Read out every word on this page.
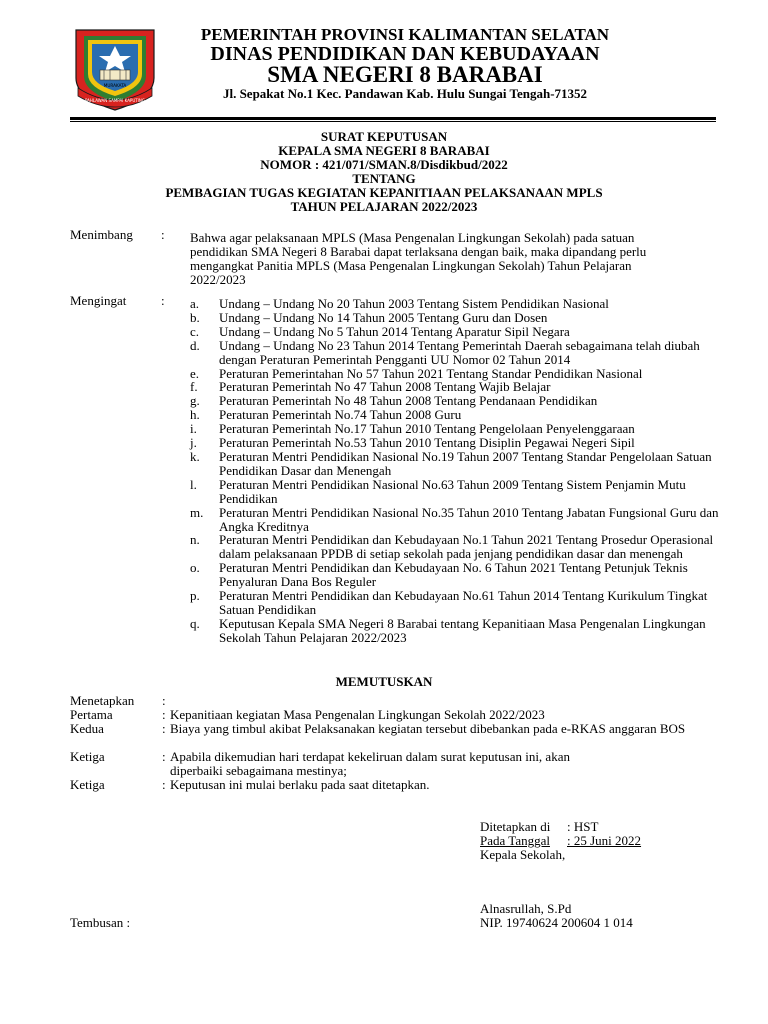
MURAKATA
PAHLAWAN SAMPAI KAPUTING
PEMERINTAH PROVINSI KALIMANTAN SELATAN
DINAS PENDIDIKAN DAN KEBUDAYAAN
SMA NEGERI 8 BARABAI
Jl. Sepakat No.1 Kec. Pandawan Kab. Hulu Sungai Tengah-71352
SURAT KEPUTUSAN
KEPALA SMA NEGERI 8 BARABAI
NOMOR : 421/071/SMAN.8/Disdikbud/2022
TENTANG
PEMBAGIAN TUGAS KEGIATAN KEPANITIAAN PELAKSANAAN MPLS
TAHUN PELAJARAN 2022/2023
Menimbang : Bahwa agar pelaksanaan MPLS (Masa Pengenalan Lingkungan Sekolah) pada satuan
pendidikan SMA Negeri 8 Barabai dapat terlaksana dengan baik, maka dipandang perlu
mengangkat Panitia MPLS (Masa Pengenalan Lingkungan Sekolah) Tahun Pelajaran
2022/2023
Mengingat	: a. Undang – Undang No 20 Tahun 2003 Tentang Sistem Pendidikan Nasional
b. Undang – Undang No 14 Tahun 2005 Tentang Guru dan Dosen
c. Undang – Undang No 5 Tahun 2014 Tentang Aparatur Sipil Negara
d. Undang – Undang No 23 Tahun 2014 Tentang Pemerintah Daerah sebagaimana telah diubah dengan Peraturan Pemerintah Pengganti UU Nomor 02 Tahun 2014
e. Peraturan Pemerintahan No 57 Tahun 2021 Tentang Standar Pendidikan Nasional
f. Peraturan Pemerintah No 47 Tahun 2008 Tentang Wajib Belajar
g. Peraturan Pemerintah No 48 Tahun 2008 Tentang Pendanaan Pendidikan
h. Peraturan Pemerintah No.74 Tahun 2008 Guru
i. Peraturan Pemerintah No.17 Tahun 2010 Tentang Pengelolaan Penyelenggaraan
j. Peraturan Pemerintah No.53 Tahun 2010 Tentang Disiplin Pegawai Negeri Sipil
k. Peraturan Mentri Pendidikan Nasional No.19 Tahun 2007 Tentang Standar Pengelolaan Satuan Pendidikan Dasar dan Menengah
l. Peraturan Mentri Pendidikan Nasional No.63 Tahun 2009 Tentang Sistem Penjamin Mutu Pendidikan
m. Peraturan Mentri Pendidikan Nasional No.35 Tahun 2010 Tentang Jabatan Fungsional Guru dan Angka Kreditnya
n. Peraturan Mentri Pendidikan dan Kebudayaan No.1 Tahun 2021 Tentang Prosedur Operasional dalam pelaksanaan PPDB di setiap sekolah pada jenjang pendidikan dasar dan menengah
o. Peraturan Mentri Pendidikan dan Kebudayaan No. 6 Tahun 2021 Tentang Petunjuk Teknis Penyaluran Dana Bos Reguler
p. Peraturan Mentri Pendidikan dan Kebudayaan No.61 Tahun 2014 Tentang Kurikulum Tingkat Satuan Pendidikan
q. Keputusan Kepala SMA Negeri 8 Barabai tentang Kepanitiaan Masa Pengenalan Lingkungan Sekolah Tahun Pelajaran 2022/2023
MEMUTUSKAN
Menetapkan :
Pertama	: Kepanitiaan kegiatan Masa Pengenalan Lingkungan Sekolah 2022/2023
Kedua	: Biaya yang timbul akibat Pelaksanakan kegiatan tersebut dibebankan pada e-RKAS anggaran BOS
Ketiga	: Apabila dikemudian hari terdapat kekeliruan dalam surat keputusan ini, akan diperbaiki sebagaimana mestinya;
Ketiga	: Keputusan ini mulai berlaku pada saat ditetapkan.
Ditetapkan di : HST
Pada Tanggal : 25 Juni 2022
Kepala Sekolah,
Alnasrullah, S.Pd
NIP. 19740624 200604 1 014
Tembusan :
